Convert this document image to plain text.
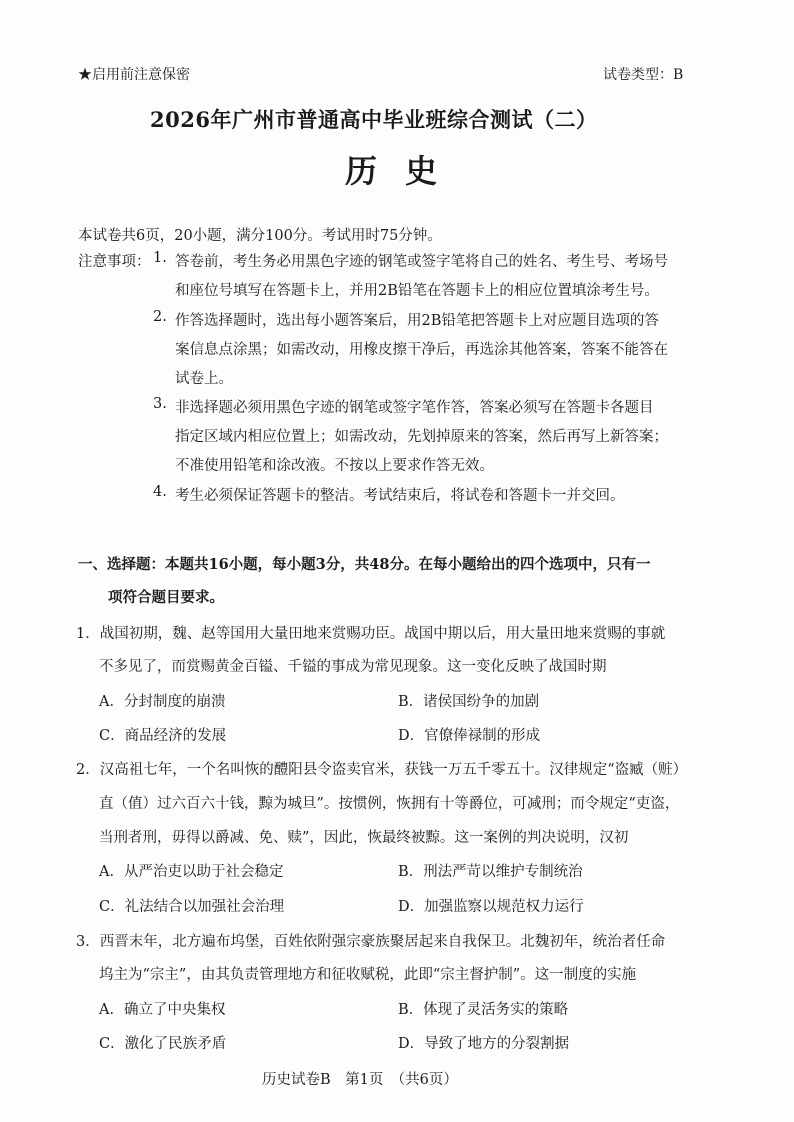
★启用前注意保密	试卷类型：B
2026年广州市普通高中毕业班综合测试（二）
历史
本试卷共6页，20小题，满分100分。考试用时75分钟。
注意事项： 1. 答卷前，考生务必用黑色字迹的钢笔或签字笔将自己的姓名、考生号、考场号
和座位号填写在答题卡上，并用2B铅笔在答题卡上的相应位置填涂考生号。
2. 作答选择题时，选出每小题答案后，用2B铅笔把答题卡上对应题目选项的答
案信息点涂黑；如需改动，用橡皮擦干净后，再选涂其他答案，答案不能答在
试卷上。
3. 非选择题必须用黑色字迹的钢笔或签字笔作答，答案必须写在答题卡各题目
指定区域内相应位置上；如需改动，先划掉原来的答案，然后再写上新答案；
不准使用铅笔和涂改液。不按以上要求作答无效。
4. 考生必须保证答题卡的整洁。考试结束后，将试卷和答题卡一并交回。
一、选择题：本题共16小题，每小题3分，共48分。在每小题给出的四个选项中，只有一
项符合题目要求。
1．战国初期，魏、赵等国用大量田地来赏赐功臣。战国中期以后，用大量田地来赏赐的事就
不多见了，而赏赐黄金百镒、千镒的事成为常见现象。这一变化反映了战国时期
A．分封制度的崩溃	B．诸侯国纷争的加剧
C．商品经济的发展	D．官僚俸禄制的形成
2．汉高祖七年，一个名叫恢的醴阳县令盗卖官米，获钱一万五千零五十。汉律规定“盗臧（赃）
直（值）过六百六十钱，黥为城旦”。按惯例，恢拥有十等爵位，可减刑；而令规定“吏盗，
当刑者刑，毋得以爵减、免、赎”，因此，恢最终被黥。这一案例的判决说明，汉初
A．从严治吏以助于社会稳定	B．刑法严苛以维护专制统治
C．礼法结合以加强社会治理	D．加强监察以规范权力运行
3．西晋末年，北方遍布坞堡，百姓依附强宗豪族聚居起来自我保卫。北魏初年，统治者任命
坞主为“宗主”，由其负责管理地方和征收赋税，此即“宗主督护制”。这一制度的实施
A．确立了中央集权	B．体现了灵活务实的策略
C．激化了民族矛盾	D．导致了地方的分裂割据
历史试卷B　第1页　（共6页）
